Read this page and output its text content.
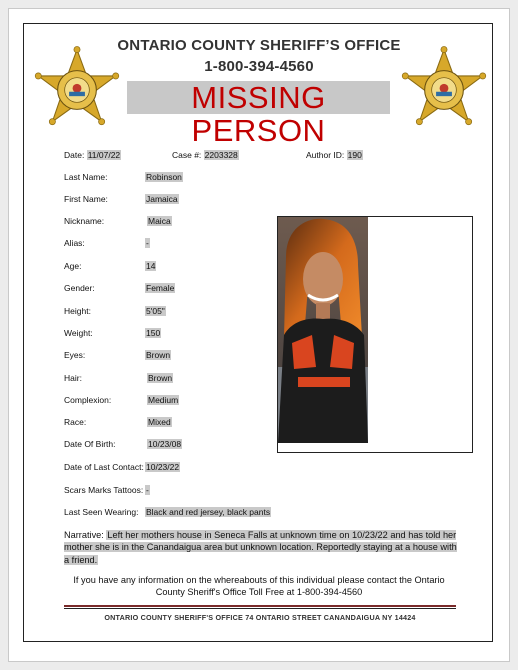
ONTARIO COUNTY SHERIFF’S OFFICE
1-800-394-4560
MISSING PERSON
Date: 11/07/22	Case #: 2203328	Author ID: 190
Last Name:	Robinson
First Name:	Jamaica
Nickname:	Maica
Alias:	-
Age:	14
Gender:	Female
Height:	5'05"
Weight:	150
Eyes:	Brown
Hair:	Brown
Complexion:	Medium
Race:	Mixed
Date Of Birth:	10/23/08
Date of Last Contact: 10/23/22
Scars Marks Tattoos: -
Last Seen Wearing: Black and red jersey, black pants
Narrative: Left her mothers house in Seneca Falls at unknown time on 10/23/22 and has told her mother she is in the Canandaigua area but unknown location. Reportedly staying at a house with a friend.
If you have any information on the whereabouts of this individual please contact the Ontario County Sheriff's Office Toll Free at 1-800-394-4560
ONTARIO COUNTY SHERIFF'S OFFICE 74 ONTARIO STREET CANANDAIGUA NY 14424
